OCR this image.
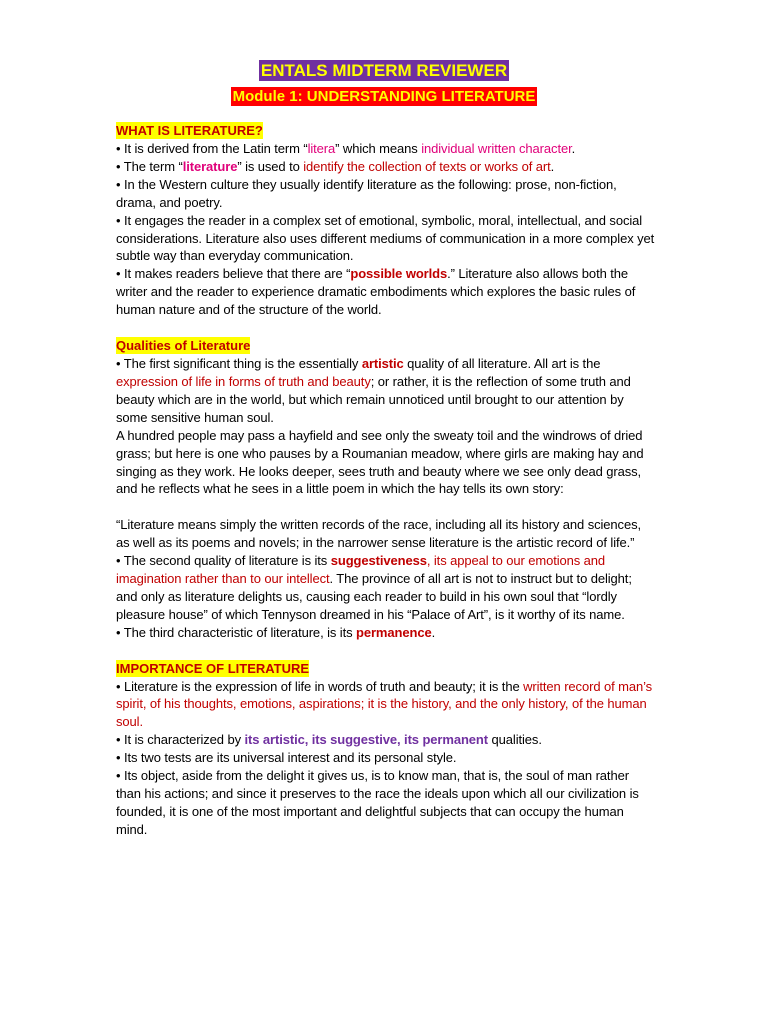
ENTALS MIDTERM REVIEWER
Module 1: UNDERSTANDING LITERATURE
WHAT IS LITERATURE?

• It is derived from the Latin term “litera” which means individual written character.

• The term “literature” is used to identify the collection of texts or works of art.

• In the Western culture they usually identify literature as the following: prose, non-fiction, drama, and poetry.

• It engages the reader in a complex set of emotional, symbolic, moral, intellectual, and social considerations. Literature also uses different mediums of communication in a more complex yet subtle way than everyday communication.

• It makes readers believe that there are “possible worlds.” Literature also allows both the writer and the reader to experience dramatic embodiments which explores the basic rules of human nature and of the structure of the world.

Qualities of Literature

• The first significant thing is the essentially artistic quality of all literature. All art is the expression of life in forms of truth and beauty; or rather, it is the reflection of some truth and beauty which are in the world, but which remain unnoticed until brought to our attention by some sensitive human soul.

A hundred people may pass a hayfield and see only the sweaty toil and the windrows of dried grass; but here is one who pauses by a Roumanian meadow, where girls are making hay and singing as they work. He looks deeper, sees truth and beauty where we see only dead grass, and he reflects what he sees in a little poem in which the hay tells its own story:

“Literature means simply the written records of the race, including all its history and sciences, as well as its poems and novels; in the narrower sense literature is the artistic record of life.”

• The second quality of literature is its suggestiveness, its appeal to our emotions and imagination rather than to our intellect. The province of all art is not to instruct but to delight; and only as literature delights us, causing each reader to build in his own soul that “lordly pleasure house” of which Tennyson dreamed in his “Palace of Art”, is it worthy of its name.

• The third characteristic of literature, is its permanence.

IMPORTANCE OF LITERATURE

• Literature is the expression of life in words of truth and beauty; it is the written record of man’s spirit, of his thoughts, emotions, aspirations; it is the history, and the only history, of the human soul.

• It is characterized by its artistic, its suggestive, its permanent qualities.

• Its two tests are its universal interest and its personal style.

• Its object, aside from the delight it gives us, is to know man, that is, the soul of man rather than his actions; and since it preserves to the race the ideals upon which all our civilization is founded, it is one of the most important and delightful subjects that can occupy the human mind.
